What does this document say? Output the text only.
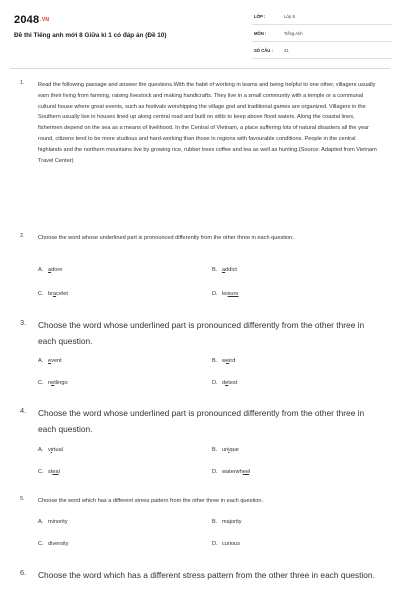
$2048^{.VN}$
Đề thi Tiếng anh mới 8 Giữa kì 1 có đáp án (Đề 10)
LỚP :	Lớp 8
MÔN :	Tiếng Anh
SỐ CÂU :	41
1. Read the following passage and answer the questions.With the habit of working in teams and being helpful to one other, villagers usually earn their living from farming, raising livestock and making handicrafts. They live in a small community with a temple or a communal cultural house where great events, such as festivals worshipping the village god and traditional games are organized. Villagers in the Southern usually live in houses lined up along central road and built on stilts to keep above flood waters. Along the coastal lines, fishermen depend on the sea as a means of livelihood. In the Central of Vietnam, a place suffering lots of natural disasters all the year round, citizens tend to be more studious and hard-working than those in regions with favourable conditions. People in the central highlands and the northern mountains live by growing rice, rubber trees coffee and tea as well as hunting.(Source: Adapted from Vietnam Travel Center)
2. Choose the word whose underlined part is pronounced differently from the other three in each question.
A. adore	B. addict
C. bracelet	D. leisure
3. Choose the word whose underlined part is pronounced differently from the other three in each question.
A. event	B. weird
C. netlingo	D. detest
4. Choose the word whose underlined part is pronounced differently from the other three in each question.
A. virtual	B. unique
C. steal	D. waterwheel
5. Choose the word which has a different stress pattern from the other three in each question.
A. minority	B. majority
C. diversity	D. curious
6. Choose the word which has a different stress pattern from the other three in each question.
